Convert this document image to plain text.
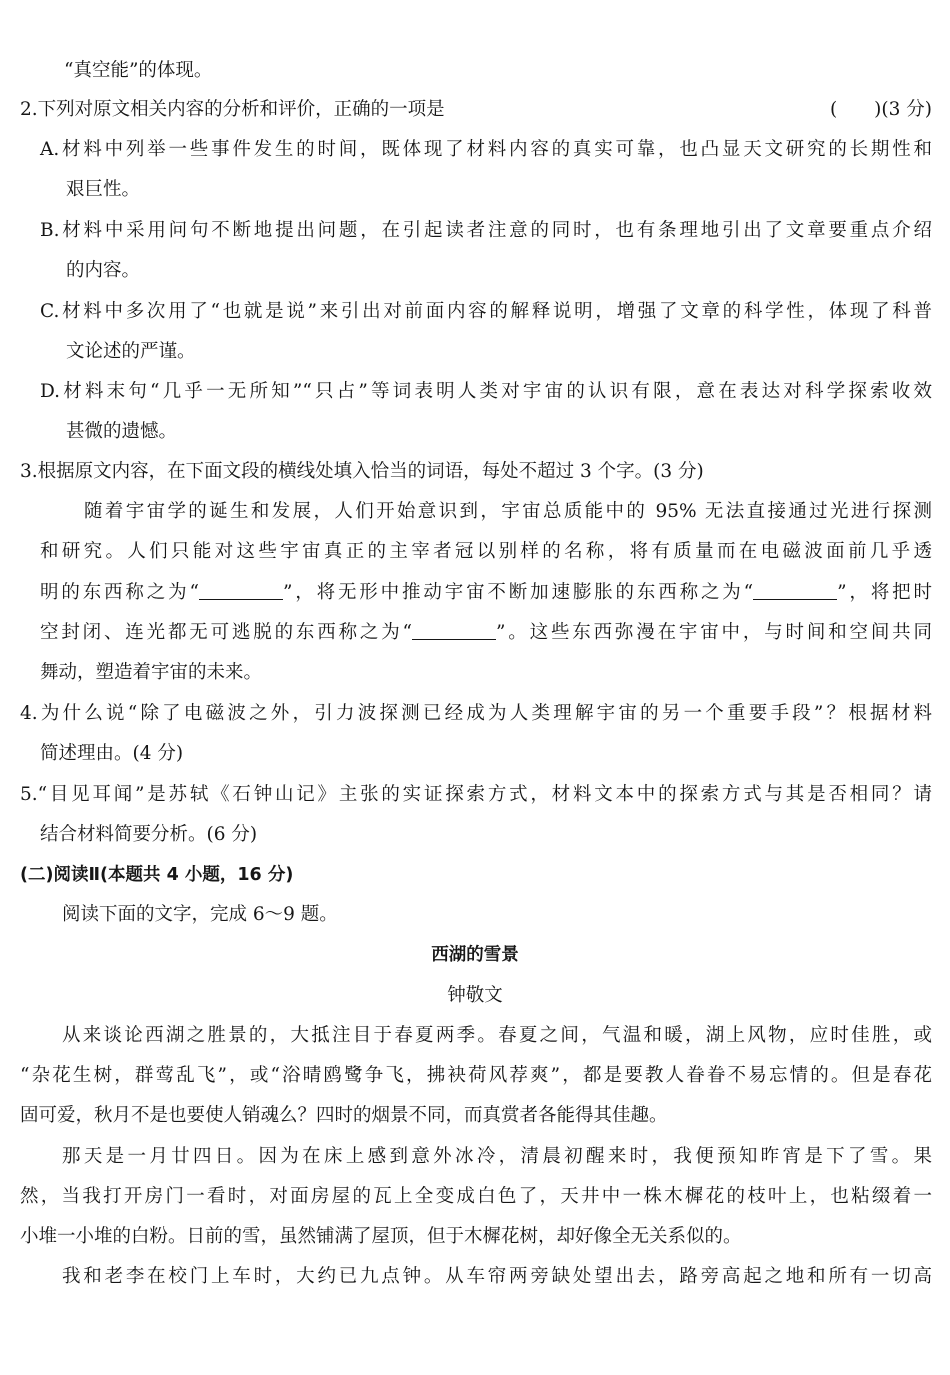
“真空能”的体现。
2.下列对原文相关内容的分析和评价，正确的一项是	(　　)(3 分)
A.材料中列举一些事件发生的时间，既体现了材料内容的真实可靠，也凸显天文研究的长期性和
艰巨性。
B.材料中采用问句不断地提出问题，在引起读者注意的同时，也有条理地引出了文章要重点介绍
的内容。
C.材料中多次用了“也就是说”来引出对前面内容的解释说明，增强了文章的科学性，体现了科普
文论述的严谨。
D.材料末句“几乎一无所知”“只占”等词表明人类对宇宙的认识有限，意在表达对科学探索收效
甚微的遗憾。
3.根据原文内容，在下面文段的横线处填入恰当的词语，每处不超过 3 个字。(3 分)
随着宇宙学的诞生和发展，人们开始意识到，宇宙总质能中的 95% 无法直接通过光进行探测
和研究。人们只能对这些宇宙真正的主宰者冠以别样的名称，将有质量而在电磁波面前几乎透
明的东西称之为“	”，将无形中推动宇宙不断加速膨胀的东西称之为“	”，将把时
空封闭、连光都无可逃脱的东西称之为“	”。这些东西弥漫在宇宙中，与时间和空间共同
舞动，塑造着宇宙的未来。
4.为什么说“除了电磁波之外，引力波探测已经成为人类理解宇宙的另一个重要手段”？根据材料
简述理由。(4 分)
5.“目见耳闻”是苏轼《石钟山记》主张的实证探索方式，材料文本中的探索方式与其是否相同？请
结合材料简要分析。(6 分)
(二)阅读Ⅱ(本题共 4 小题，16 分)
阅读下面的文字，完成 6～9 题。
西湖的雪景
钟敬文
从来谈论西湖之胜景的，大抵注目于春夏两季。春夏之间，气温和暖，湖上风物，应时佳胜，或
“杂花生树，群莺乱飞”，或“浴晴鸥鹭争飞，拂袂荷风荐爽”，都是要教人眷眷不易忘情的。但是春花
固可爱，秋月不是也要使人销魂么？四时的烟景不同，而真赏者各能得其佳趣。
那天是一月廿四日。因为在床上感到意外冰冷，清晨初醒来时，我便预知昨宵是下了雪。果
然，当我打开房门一看时，对面房屋的瓦上全变成白色了，天井中一株木樨花的枝叶上，也粘缀着一
小堆一小堆的白粉。日前的雪，虽然铺满了屋顶，但于木樨花树，却好像全无关系似的。
我和老李在校门上车时，大约已九点钟。从车帘两旁缺处望出去，路旁高起之地和所有一切高
